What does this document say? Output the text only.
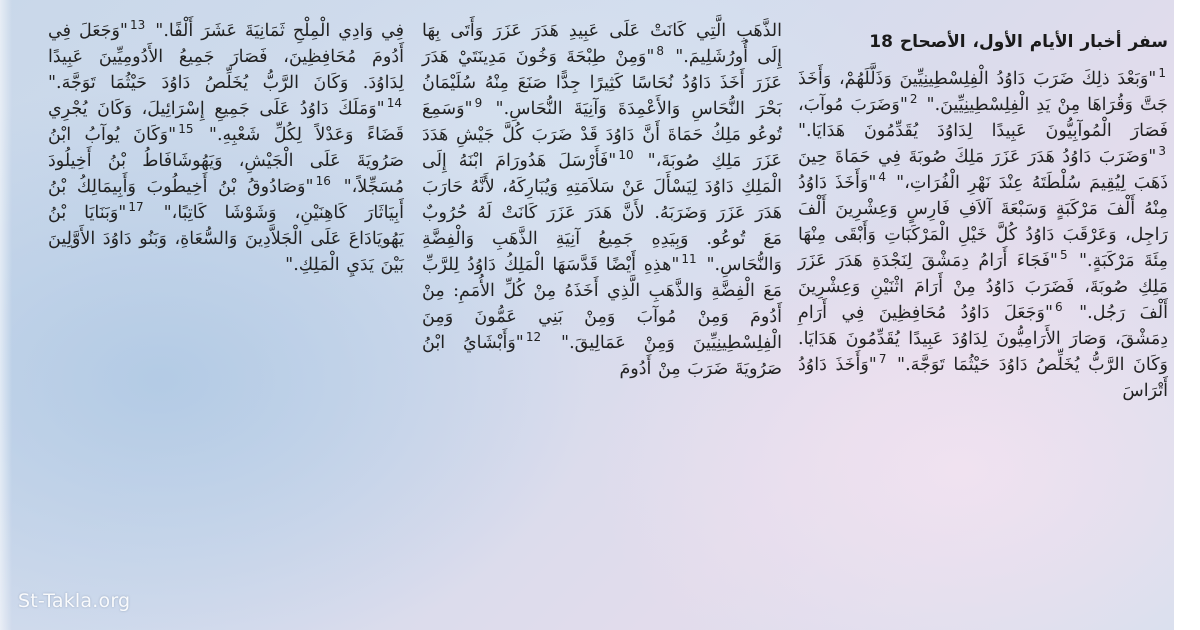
سفر أخبار الأيام الأول، الأصحاح 18
$^1$"وَبَعْدَ ذلِكَ ضَرَبَ دَاوُدُ الْفِلِسْطِينِيِّينَ وَذَلَّلَهُمْ، وَأَخَذَ جَتَّ وَقُرَاهَا مِنْ يَدِ الْفِلِسْطِينِيِّينَ." $^2$"وَضَرَبَ مُوآبَ، فَصَارَ الْمُوآبِيُّونَ عَبِيدًا لِدَاوُدَ يُقَدِّمُونَ هَدَايَا." $^3$"وَضَرَبَ دَاوُدُ هَدَرَ عَزَرَ مَلِكَ صُوبَةَ فِي حَمَاةَ حِينَ ذَهَبَ لِيُقِيمَ سُلْطَتَهُ عِنْدَ نَهْرِ الْفُرَاتِ،" $^4$"وَأَخَذَ دَاوُدُ مِنْهُ أَلْفَ مَرْكَبَةٍ وَسَبْعَةَ آلاَفِ فَارِسٍ وَعِشْرِينَ أَلْفَ رَاجِل، وَعَرْقَبَ دَاوُدُ كُلَّ خَيْلِ الْمَرْكَبَاتِ وَأَبْقَى مِنْهَا مِئَةَ مَرْكَبَةٍ." $^5$"فَجَاءَ أَرَامُ دِمَشْقَ لِنَجْدَةِ هَدَرَ عَزَرَ مَلِكِ صُوبَةَ، فَضَرَبَ دَاوُدُ مِنْ أَرَامَ اثْنَيْنِ وَعِشْرِينَ أَلْفَ رَجُل." $^6$"وَجَعَلَ دَاوُدُ مُحَافِظِينَ فِي أَرَامِ دِمَشْقَ، وَصَارَ الأَرَامِيُّونَ لِدَاوُدَ عَبِيدًا يُقَدِّمُونَ هَدَايَا. وَكَانَ الرَّبُّ يُخَلِّصُ دَاوُدَ حَيْثُمَا تَوَجَّهَ." $^7$"وَأَخَذَ دَاوُدُ أَتْرَاسَ
الذَّهَبِ الَّتِي كَانَتْ عَلَى عَبِيدِ هَدَرَ عَزَرَ وَأَتَى بِهَا إِلَى أُورُشَلِيمَ." $^8$"وَمِنْ طِبْحَةَ وَخُونَ مَدِينَتَيْ هَدَرَ عَزَرَ أَخَذَ دَاوُدُ نُحَاسًا كَثِيرًا جِدًّا صَنَعَ مِنْهُ سُلَيْمَانُ بَحْرَ النُّحَاسِ وَالأَعْمِدَةَ وَآنِيَةَ النُّحَاسِ." $^9$"وَسَمِعَ تُوعُو مَلِكُ حَمَاةَ أَنَّ دَاوُدَ قَدْ ضَرَبَ كُلَّ جَيْشِ هَدَدَ عَزَرَ مَلِكِ صُوبَةَ،" $^{10}$"فَأَرْسَلَ هَدُورَامَ ابْنَهُ إِلَى الْمَلِكِ دَاوُدَ لِيَسْأَلَ عَنْ سَلاَمَتِهِ وَيُبَارِكَهُ، لأَنَّهُ حَارَبَ هَدَرَ عَزَرَ وَضَرَبَهُ. لأَنَّ هَدَرَ عَزَرَ كَانَتْ لَهُ حُرُوبٌ مَعَ تُوعُو. وَبِيَدِهِ جَمِيعُ آنِيَةِ الذَّهَبِ وَالْفِضَّةِ وَالنُّحَاسِ." $^{11}$"هذِهِ أَيْضًا قَدَّسَهَا الْمَلِكُ دَاوُدُ لِلرَّبِّ مَعَ الْفِضَّةِ وَالذَّهَبِ الَّذِي أَخَذَهُ مِنْ كُلِّ الأُمَمِ: مِنْ أَدُومَ وَمِنْ مُوآبَ وَمِنْ بَنِي عَمُّونَ وَمِنَ الْفِلِسْطِينِيِّينَ وَمِنْ عَمَالِيقَ." $^{12}$"وَأَبْشَايُ ابْنُ صَرُويَةَ ضَرَبَ مِنْ أَدُومَ
فِي وَادِي الْمِلْحِ ثَمَانِيَةَ عَشَرَ أَلْفًا." $^{13}$"وَجَعَلَ فِي أَدُومَ مُحَافِظِينَ، فَصَارَ جَمِيعُ الأَدُومِيِّينَ عَبِيدًا لِدَاوُدَ. وَكَانَ الرَّبُّ يُخَلِّصُ دَاوُدَ حَيْثُمَا تَوَجَّهَ." $^{14}$"وَمَلَكَ دَاوُدُ عَلَى جَمِيعِ إِسْرَائِيلَ، وَكَانَ يُجْرِي قَضَاءً وَعَدْلاً لِكُلِّ شَعْبِهِ." $^{15}$"وَكَانَ يُوآبُ ابْنُ صَرُويَةَ عَلَى الْجَيْشِ، وَيَهُوشَافَاطُ بْنُ أَخِيلُودَ مُسَجِّلاً،" $^{16}$"وَصَادُوقُ بْنُ أَخِيطُوبَ وَأَبِيمَالِكُ بْنُ أَبِيَاثَارَ كَاهِنَيْنِ، وَشَوْشَا كَاتِبًا،" $^{17}$"وَبَنَايَا بْنُ يَهُويَادَاعَ عَلَى الْجَلاَّدِينَ وَالسُّعَاةِ، وَبَنُو دَاوُدَ الأَوَّلِينَ بَيْنَ يَدَيِ الْمَلِكِ."
St-Takla.org
